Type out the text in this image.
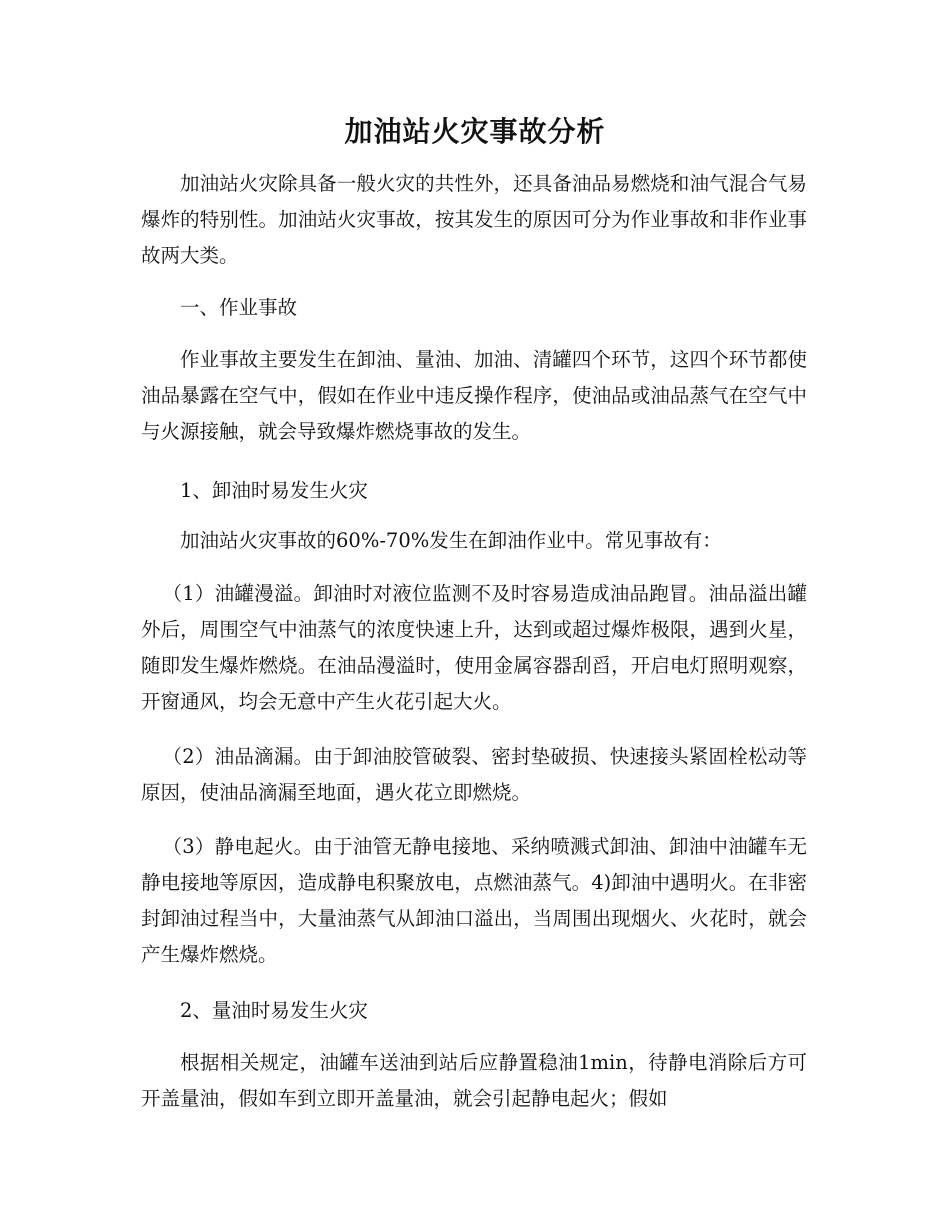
加油站火灾事故分析

加油站火灾除具备一般火灾的共性外，还具备油品易燃烧和油气混合气易爆炸的特别性。加油站火灾事故，按其发生的原因可分为作业事故和非作业事故两大类。

一、作业事故

作业事故主要发生在卸油、量油、加油、清罐四个环节，这四个环节都使油品暴露在空气中，假如在作业中违反操作程序，使油品或油品蒸气在空气中与火源接触，就会导致爆炸燃烧事故的发生。

1、卸油时易发生火灾

加油站火灾事故的60%-70%发生在卸油作业中。常见事故有：

（1）油罐漫溢。卸油时对液位监测不及时容易造成油品跑冒。油品溢出罐外后，周围空气中油蒸气的浓度快速上升，达到或超过爆炸极限，遇到火星，随即发生爆炸燃烧。在油品漫溢时，使用金属容器刮舀，开启电灯照明观察，开窗通风，均会无意中产生火花引起大火。

（2）油品滴漏。由于卸油胶管破裂、密封垫破损、快速接头紧固栓松动等原因，使油品滴漏至地面，遇火花立即燃烧。

（3）静电起火。由于油管无静电接地、采纳喷溅式卸油、卸油中油罐车无静电接地等原因，造成静电积聚放电，点燃油蒸气。4)卸油中遇明火。在非密封卸油过程当中，大量油蒸气从卸油口溢出，当周围出现烟火、火花时，就会产生爆炸燃烧。

2、量油时易发生火灾

根据相关规定，油罐车送油到站后应静置稳油1min，待静电消除后方可开盖量油，假如车到立即开盖量油，就会引起静电起火；假如
